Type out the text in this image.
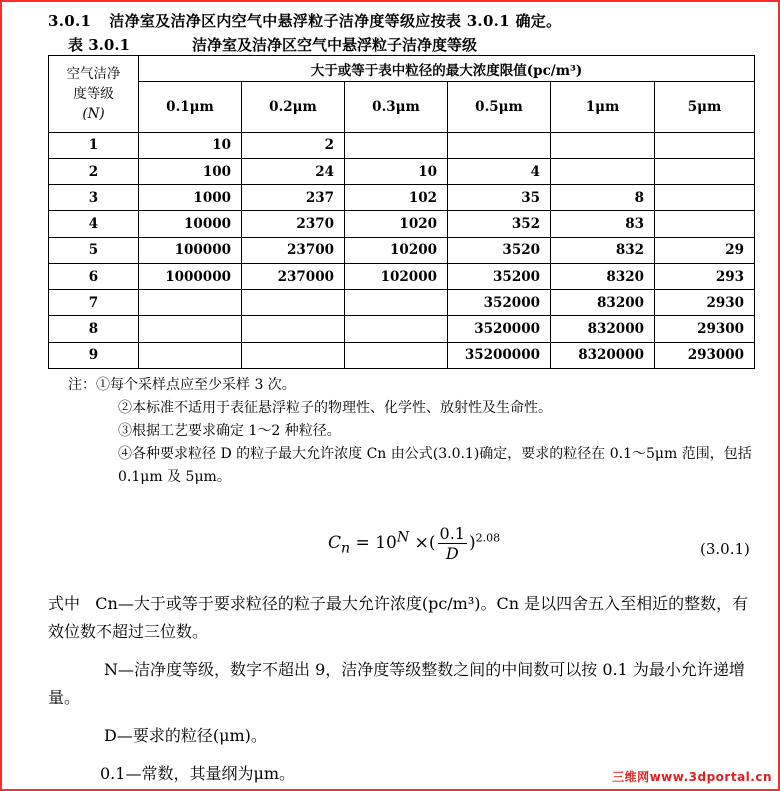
3.0.1 洁净室及洁净区内空气中悬浮粒子洁净度等级应按表 3.0.1 确定。
表 3.0.1	洁净室及洁净区空气中悬浮粒子洁净度等级
空气洁净
度等级
(N)	大于或等于表中粒径的最大浓度限值(pc/m³)					
	0.1μm	0.2μm	0.3μm	0.5μm	1μm	5μm
1	10	2				
2	100	24	10	4		
3	1000	237	102	35	8	
4	10000	2370	1020	352	83	
5	100000	23700	10200	3520	832	29
6	1000000	237000	102000	35200	8320	293
7				352000	83200	2930
8				3520000	832000	29300
9				35200000	8320000	293000
注：①每个采样点应至少采样 3 次。
②本标准不适用于表征悬浮粒子的物理性、化学性、放射性及生命性。
③根据工艺要求确定 1～2 种粒径。
④各种要求粒径 D 的粒子最大允许浓度 Cn 由公式(3.0.1)确定，要求的粒径在 0.1～5μm 范围，包括 0.1μm 及 5μm。
$C_n = 10^N$ ×( $\frac{0.1}{D} )^{2.08}$
(3.0.1)

式中 Cn—大于或等于要求粒径的粒子最大允许浓度(pc/m³)。Cn 是以四舍五入至相近的整数，有效位数不超过三位数。

N—洁净度等级，数字不超出 9，洁净度等级整数之间的中间数可以按 0.1 为最小允许递增量。

D—要求的粒径(μm)。

0.1—常数，其量纲为μm。	三维网www.3dportal.cn
